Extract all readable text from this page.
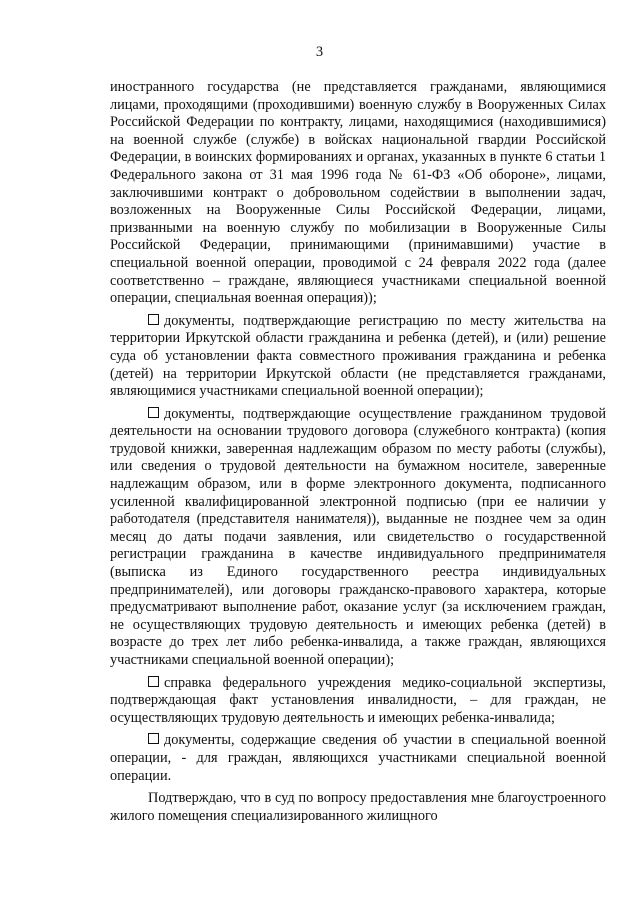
3

иностранного государства (не представляется гражданами, являющимися лицами, проходящими (проходившими) военную службу в Вооруженных Силах Российской Федерации по контракту, лицами, находящимися (находившимися) на военной службе (службе) в войсках национальной гвардии Российской Федерации, в воинских формированиях и органах, указанных в пункте 6 статьи 1 Федерального закона от 31 мая 1996 года № 61-ФЗ «Об обороне», лицами, заключившими контракт о добровольном содействии в выполнении задач, возложенных на Вооруженные Силы Российской Федерации, лицами, призванными на военную службу по мобилизации в Вооруженные Силы Российской Федерации, принимающими (принимавшими) участие в специальной военной операции, проводимой с 24 февраля 2022 года (далее соответственно – граждане, являющиеся участниками специальной военной операции, специальная военная операция));

документы, подтверждающие регистрацию по месту жительства на территории Иркутской области гражданина и ребенка (детей), и (или) решение суда об установлении факта совместного проживания гражданина и ребенка (детей) на территории Иркутской области (не представляется гражданами, являющимися участниками специальной военной операции);

документы, подтверждающие осуществление гражданином трудовой деятельности на основании трудового договора (служебного контракта) (копия трудовой книжки, заверенная надлежащим образом по месту работы (службы), или сведения о трудовой деятельности на бумажном носителе, заверенные надлежащим образом, или в форме электронного документа, подписанного усиленной квалифицированной электронной подписью (при ее наличии у работодателя (представителя нанимателя)), выданные не позднее чем за один месяц до даты подачи заявления, или свидетельство о государственной регистрации гражданина в качестве индивидуального предпринимателя (выписка из Единого государственного реестра индивидуальных предпринимателей), или договоры гражданско-правового характера, которые предусматривают выполнение работ, оказание услуг (за исключением граждан, не осуществляющих трудовую деятельность и имеющих ребенка (детей) в возрасте до трех лет либо ребенка-инвалида, а также граждан, являющихся участниками специальной военной операции);

справка федерального учреждения медико-социальной экспертизы, подтверждающая факт установления инвалидности, – для граждан, не осуществляющих трудовую деятельность и имеющих ребенка-инвалида;

документы, содержащие сведения об участии в специальной военной операции, - для граждан, являющихся участниками специальной военной операции.

Подтверждаю, что в суд по вопросу предоставления мне благоустроенного жилого помещения специализированного жилищного
